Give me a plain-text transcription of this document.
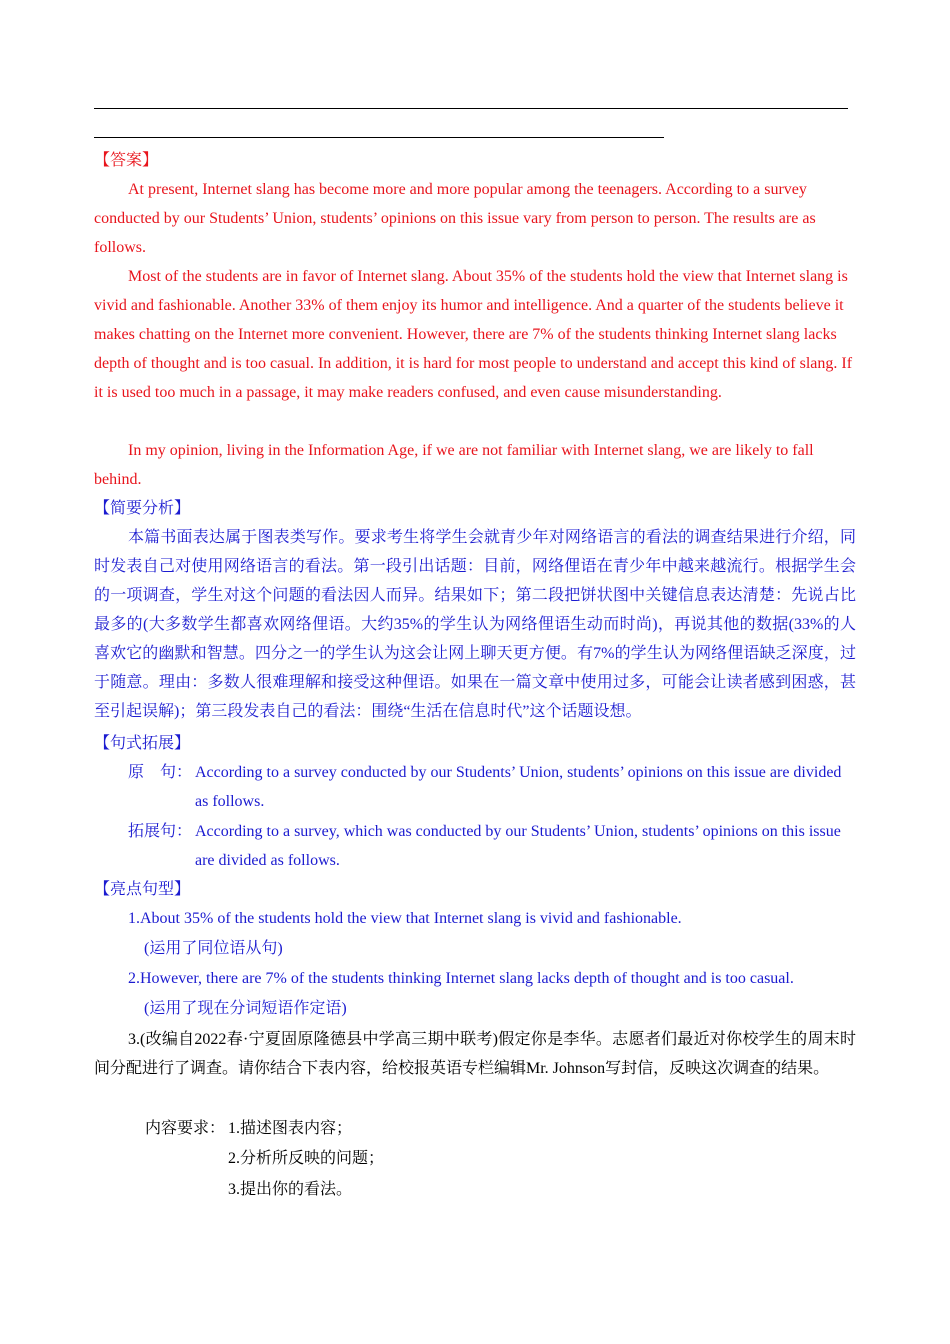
【答案】
At present, Internet slang has become more and more popular among the teenagers. According to a survey conducted by our Students’ Union, students’ opinions on this issue vary from person to person. The results are as follows.
Most of the students are in favor of Internet slang. About 35% of the students hold the view that Internet slang is vivid and fashionable. Another 33% of them enjoy its humor and intelligence. And a quarter of the students believe it makes chatting on the Internet more convenient. However, there are 7% of the students thinking Internet slang lacks depth of thought and is too casual. In addition, it is hard for most people to understand and accept this kind of slang. If it is used too much in a passage, it may make readers confused, and even cause misunderstanding.
In my opinion, living in the Information Age, if we are not familiar with Internet slang, we are likely to fall behind.
【简要分析】
本篇书面表达属于图表类写作。要求考生将学生会就青少年对网络语言的看法的调查结果进行介绍，同时发表自己对使用网络语言的看法。第一段引出话题：目前，网络俚语在青少年中越来越流行。根据学生会的一项调查，学生对这个问题的看法因人而异。结果如下；第二段把饼状图中关键信息表达清楚：先说占比最多的(大多数学生都喜欢网络俚语。大约35%的学生认为网络俚语生动而时尚)，再说其他的数据(33%的人喜欢它的幽默和智慧。四分之一的学生认为这会让网上聊天更方便。有7%的学生认为网络俚语缺乏深度，过于随意。理由：多数人很难理解和接受这种俚语。如果在一篇文章中使用过多，可能会让读者感到困惑，甚至引起误解)；第三段发表自己的看法：围绕“生活在信息时代”这个话题设想。
【句式拓展】
原　句： According to a survey conducted by our Students’ Union, students’ opinions on this issue are divided as follows.
拓展句： According to a survey, which was conducted by our Students’ Union, students’ opinions on this issue are divided as follows.
【亮点句型】
1.About 35% of the students hold the view that Internet slang is vivid and fashionable.
(运用了同位语从句)
2.However, there are 7% of the students thinking Internet slang lacks depth of thought and is too casual.
(运用了现在分词短语作定语)
3.(改编自2022春·宁夏固原隆德县中学高三期中联考)假定你是李华。志愿者们最近对你校学生的周末时间分配进行了调查。请你结合下表内容，给校报英语专栏编辑Mr. Johnson写封信，反映这次调查的结果。
内容要求： 1.描述图表内容；
2.分析所反映的问题；
3.提出你的看法。
